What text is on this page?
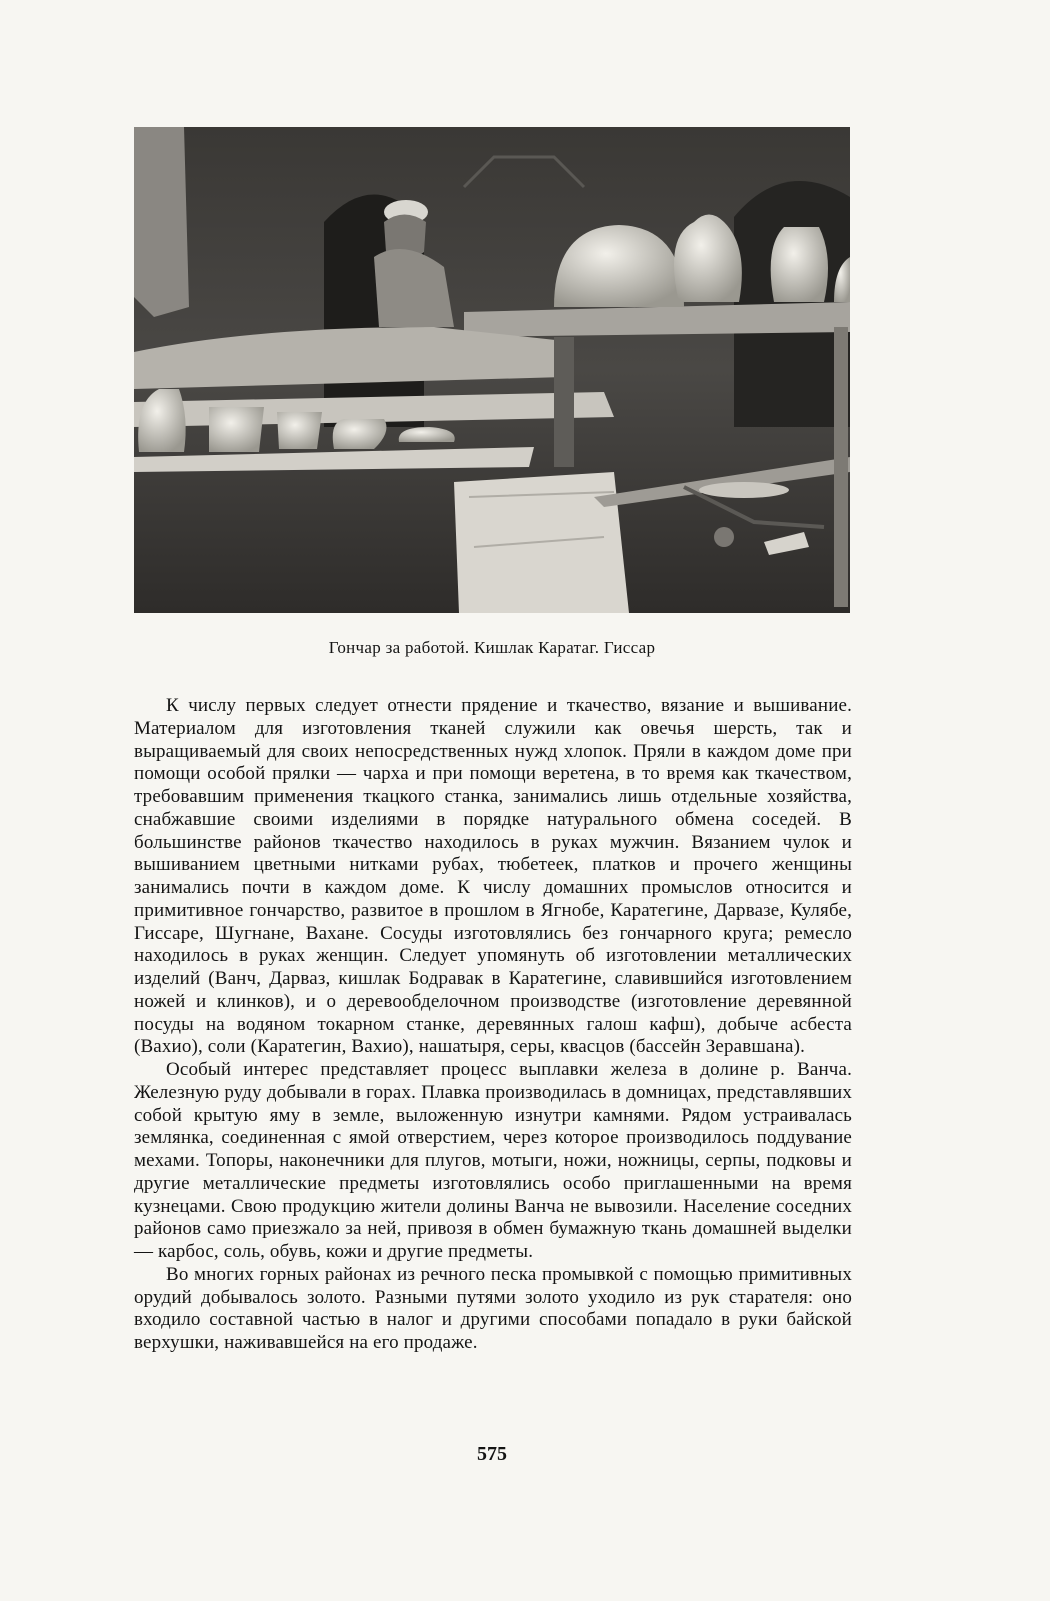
Гончар за работой. Кишлак Каратаг. Гиссар

К числу первых следует отнести прядение и ткачество, вязание и вышивание. Материалом для изготовления тканей служили как овечья шерсть, так и выращиваемый для своих непосредственных нужд хлопок. Пряли в каждом доме при помощи особой прялки — чарха и при помощи веретена, в то время как ткачеством, требовавшим применения ткацкого станка, занимались лишь отдельные хозяйства, снабжавшие своими изделиями в порядке натурального обмена соседей. В большинстве районов ткачество находилось в руках мужчин. Вязанием чулок и вышиванием цветными нитками рубах, тюбетеек, платков и прочего женщины занимались почти в каждом доме. К числу домашних промыслов относится и примитивное гончарство, развитое в прошлом в Ягнобе, Каратегине, Дарвазе, Кулябе, Гиссаре, Шугнане, Вахане. Сосуды изготовлялись без гончарного круга; ремесло находилось в руках женщин. Следует упомянуть об изготовлении металлических изделий (Ванч, Дарваз, кишлак Бодравак в Каратегине, славившийся изготовлением ножей и клинков), и о деревообделочном производстве (изготовление деревянной посуды на водяном токарном станке, деревянных галош кафш), добыче асбеста (Вахио), соли (Каратегин, Вахио), нашатыря, серы, квасцов (бассейн Зеравшана).

Особый интерес представляет процесс выплавки железа в долине р. Ванча. Железную руду добывали в горах. Плавка производилась в домницах, представлявших собой крытую яму в земле, выложенную изнутри камнями. Рядом устраивалась землянка, соединенная с ямой отверстием, через которое производилось поддувание мехами. Топоры, наконечники для плугов, мотыги, ножи, ножницы, серпы, подковы и другие металлические предметы изготовлялись особо приглашенными на время кузнецами. Свою продукцию жители долины Ванча не вывозили. Население соседних районов само приезжало за ней, привозя в обмен бумажную ткань домашней выделки — карбос, соль, обувь, кожи и другие предметы.

Во многих горных районах из речного песка промывкой с помощью примитивных орудий добывалось золото. Разными путями золото уходило из рук старателя: оно входило составной частью в налог и другими способами попадало в руки байской верхушки, наживавшейся на его продаже.

575
